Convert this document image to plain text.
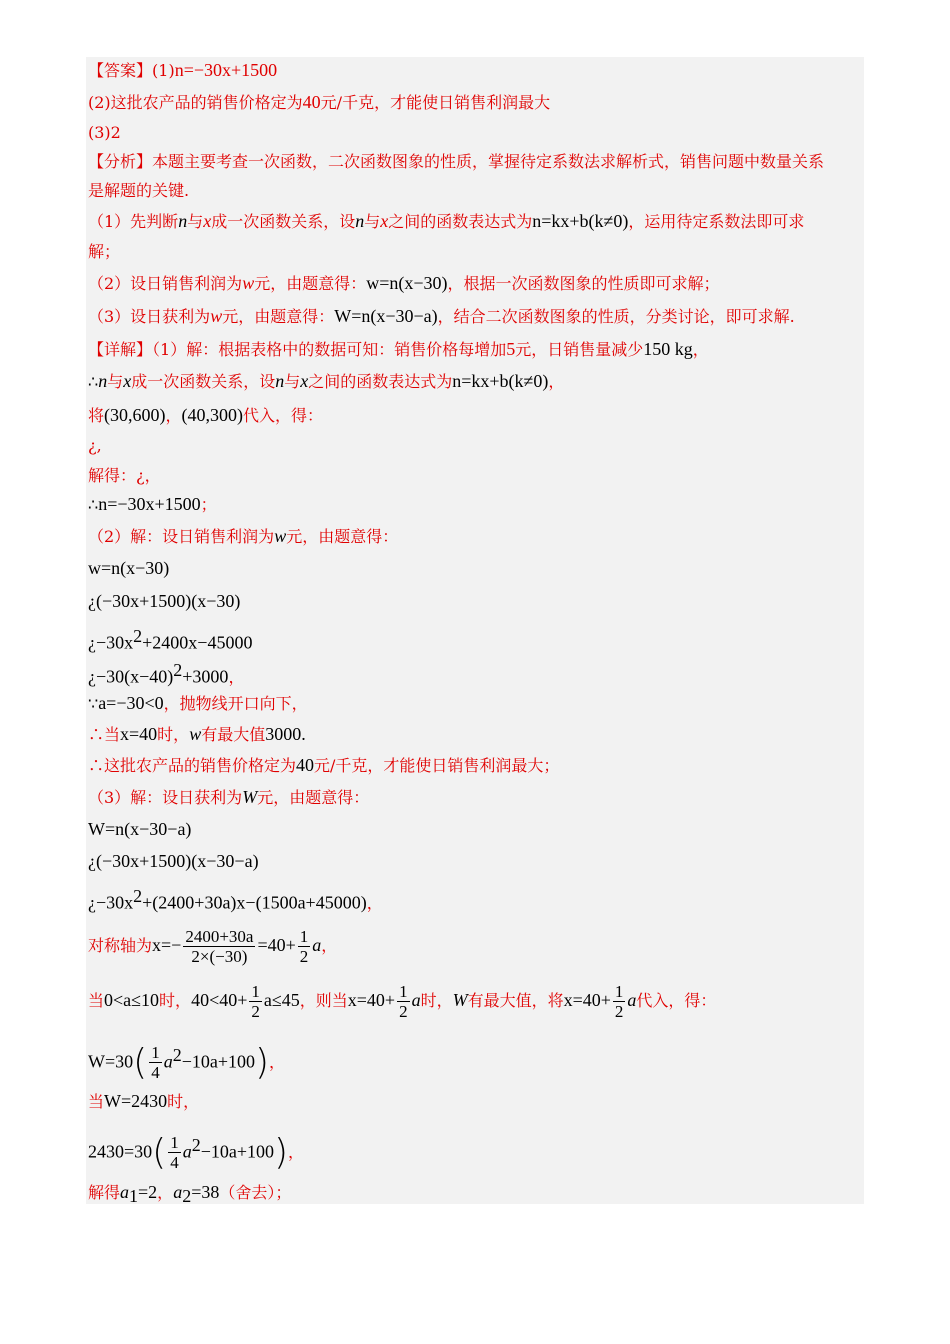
【答案】(1)n=−30x+1500
(2)这批农产品的销售价格定为40元/千克，才能使日销售利润最大
(3)2
【分析】本题主要考查一次函数，二次函数图象的性质，掌握待定系数法求解析式，销售问题中数量关系
是解题的关键.
（1）先判断n与x成一次函数关系，设n与x之间的函数表达式为n=kx+b(k≠0)，运用待定系数法即可求
解；
（2）设日销售利润为w元，由题意得：w=n(x−30)，根据一次函数图象的性质即可求解；
（3）设日获利为w元，由题意得：W=n(x−30−a)，结合二次函数图象的性质，分类讨论，即可求解.
【详解】（1）解：根据表格中的数据可知：销售价格每增加5元，日销售量减少150 kg，
∴n与x成一次函数关系，设n与x之间的函数表达式为n=kx+b(k≠0)，
将(30,600)，(40,300)代入，得：
¿,
解得：¿，
∴n=−30x+1500；
（2）解：设日销售利润为w元，由题意得：
w=n(x−30)
¿(−30x+1500)(x−30)
¿$-30x^2+2400x-45000$
¿$-30(x-40)^2+3000$，
∵a=−30<0，抛物线开口向下，
∴当x=40时，w有最大值3000.
∴这批农产品的销售价格定为40元/千克，才能使日销售利润最大；
（3）解：设日获利为W元，由题意得：
W=n(x−30−a)
¿(−30x+1500)(x−30−a)
¿$-30x^2+(2400+30a)x-(1500a+45000)$，
对称轴为$x=- \frac{2400+30a}{2\times(-30)} =40+ \frac{1}{2}$ a，
当0<a≤10时，$40<40+ \frac{1}{2} a\le 45$，则当$x=40+ \frac{1}{2}$ a时，W有最大值，将$x=40+ \frac{1}{2}$ a代入，得：
$W=30( \frac{1}{4} a^2-10a+100)$，
当W=2430时，
$2430=30( \frac{1}{4} a^2-10a+100)$，
解得$a_1=2$，$a_2=38$（舍去）；
